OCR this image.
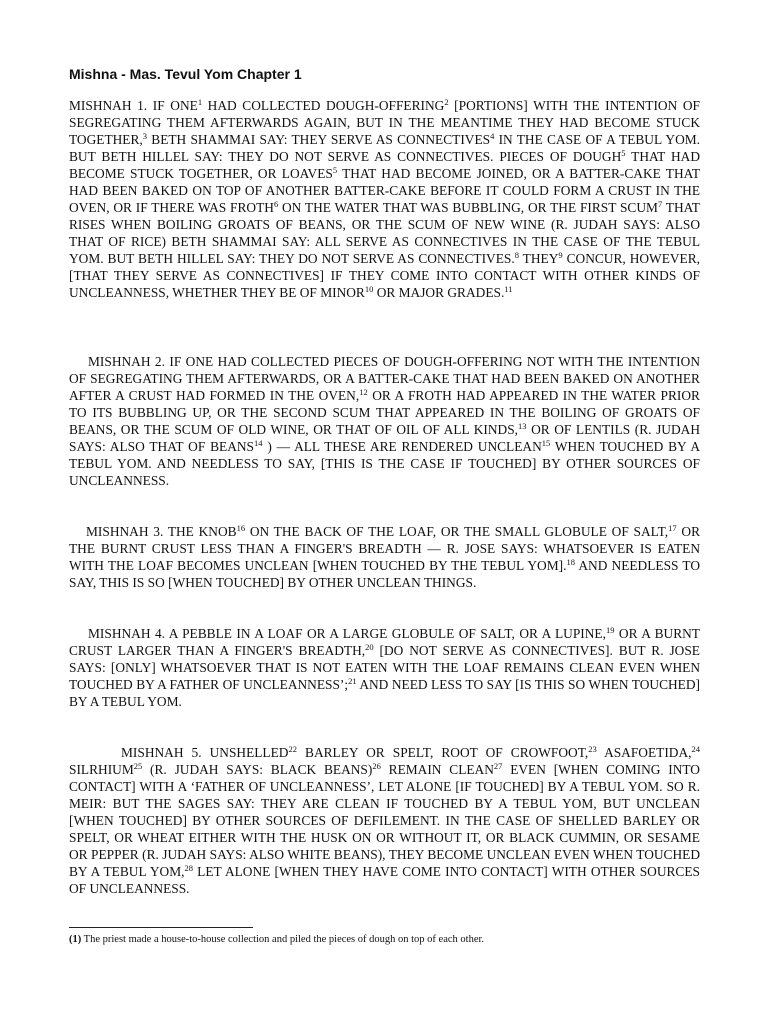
Mishna - Mas. Tevul Yom Chapter 1

MISHNAH 1. IF ONE$^1$ HAD COLLECTED DOUGH-OFFERING$^2$ [PORTIONS] WITH THE INTENTION OF SEGREGATING THEM AFTERWARDS AGAIN, BUT IN THE MEANTIME THEY HAD BECOME STUCK TOGETHER,$^3$ BETH SHAMMAI SAY: THEY SERVE AS CONNECTIVES$^4$ IN THE CASE OF A TEBUL YOM. BUT BETH HILLEL SAY: THEY DO NOT SERVE AS CONNECTIVES. PIECES OF DOUGH$^5$ THAT HAD BECOME STUCK TOGETHER, OR LOAVES$^5$ THAT HAD BECOME JOINED, OR A BATTER-CAKE THAT HAD BEEN BAKED ON TOP OF ANOTHER BATTER-CAKE BEFORE IT COULD FORM A CRUST IN THE OVEN, OR IF THERE WAS FROTH$^6$ ON THE WATER THAT WAS BUBBLING, OR THE FIRST SCUM$^7$ THAT RISES WHEN BOILING GROATS OF BEANS, OR THE SCUM OF NEW WINE (R. JUDAH SAYS: ALSO THAT OF RICE) BETH SHAMMAI SAY: ALL SERVE AS CONNECTIVES IN THE CASE OF THE TEBUL YOM. BUT BETH HILLEL SAY: THEY DO NOT SERVE AS CONNECTIVES.$^8$ THEY$^9$ CONCUR, HOWEVER, [THAT THEY SERVE AS CONNECTIVES] IF THEY COME INTO CONTACT WITH OTHER KINDS OF UNCLEANNESS, WHETHER THEY BE OF MINOR$^{10}$ OR MAJOR GRADES.$^{11}$

MISHNAH 2. IF ONE HAD COLLECTED PIECES OF DOUGH-OFFERING NOT WITH THE INTENTION OF SEGREGATING THEM AFTERWARDS, OR A BATTER-CAKE THAT HAD BEEN BAKED ON ANOTHER AFTER A CRUST HAD FORMED IN THE OVEN,$^{12}$ OR A FROTH HAD APPEARED IN THE WATER PRIOR TO ITS BUBBLING UP, OR THE SECOND SCUM THAT APPEARED IN THE BOILING OF GROATS OF BEANS, OR THE SCUM OF OLD WINE, OR THAT OF OIL OF ALL KINDS,$^{13}$ OR OF LENTILS (R. JUDAH SAYS: ALSO THAT OF BEANS$^{14}$ ) — ALL THESE ARE RENDERED UNCLEAN$^{15}$ WHEN TOUCHED BY A TEBUL YOM. AND NEEDLESS TO SAY, [THIS IS THE CASE IF TOUCHED] BY OTHER SOURCES OF UNCLEANNESS.

MISHNAH 3. THE KNOB$^{16}$ ON THE BACK OF THE LOAF, OR THE SMALL GLOBULE OF SALT,$^{17}$ OR THE BURNT CRUST LESS THAN A FINGER'S BREADTH — R. JOSE SAYS: WHATSOEVER IS EATEN WITH THE LOAF BECOMES UNCLEAN [WHEN TOUCHED BY THE TEBUL YOM].$^{18}$ AND NEEDLESS TO SAY, THIS IS SO [WHEN TOUCHED] BY OTHER UNCLEAN THINGS.

MISHNAH 4. A PEBBLE IN A LOAF OR A LARGE GLOBULE OF SALT, OR A LUPINE,$^{19}$ OR A BURNT CRUST LARGER THAN A FINGER'S BREADTH,$^{20}$ [DO NOT SERVE AS CONNECTIVES]. BUT R. JOSE SAYS: [ONLY] WHATSOEVER THAT IS NOT EATEN WITH THE LOAF REMAINS CLEAN EVEN WHEN TOUCHED BY A FATHER OF UNCLEANNESS’;$^{21}$ AND NEED LESS TO SAY [IS THIS SO WHEN TOUCHED] BY A TEBUL YOM.

MISHNAH 5. UNSHELLED$^{22}$ BARLEY OR SPELT, ROOT OF CROWFOOT,$^{23}$ ASAFOETIDA,$^{24}$ SILRHIUM$^{25}$ (R. JUDAH SAYS: BLACK BEANS)$^{26}$ REMAIN CLEAN$^{27}$ EVEN [WHEN COMING INTO CONTACT] WITH A ‘FATHER OF UNCLEANNESS’, LET ALONE [IF TOUCHED] BY A TEBUL YOM. SO R. MEIR: BUT THE SAGES SAY: THEY ARE CLEAN IF TOUCHED BY A TEBUL YOM, BUT UNCLEAN [WHEN TOUCHED] BY OTHER SOURCES OF DEFILEMENT. IN THE CASE OF SHELLED BARLEY OR SPELT, OR WHEAT EITHER WITH THE HUSK ON OR WITHOUT IT, OR BLACK CUMMIN, OR SESAME OR PEPPER (R. JUDAH SAYS: ALSO WHITE BEANS), THEY BECOME UNCLEAN EVEN WHEN TOUCHED BY A TEBUL YOM,$^{28}$ LET ALONE [WHEN THEY HAVE COME INTO CONTACT] WITH OTHER SOURCES OF UNCLEANNESS.

(1) The priest made a house-to-house collection and piled the pieces of dough on top of each other.
